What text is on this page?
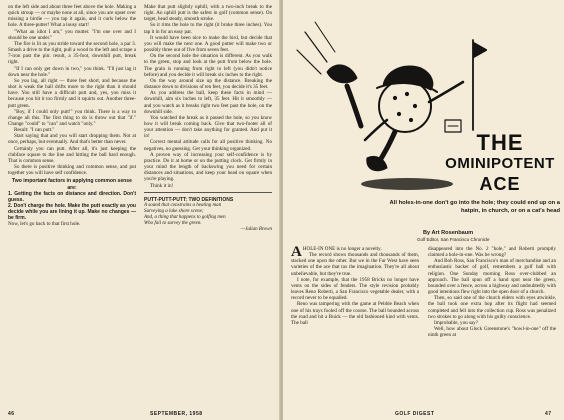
on the left side and about three feet above the hole. Making a quick stroup — or maybe none at all, since you are upset over missing a birdie — you tap it again, and it curls below the hole. A three-putter! What a lousy start!

"What an idiot I am," you mutter. "I'm one over and I should be one under."

The fire is lit as you stride toward the second hole, a par 3. Smash a drive to the right, pull a wood to the left and scrape a 7-iron past the pin: result, a 35-foot, downhill putt, break right.

"If I can only get down in two," you think. "I'll just lag it down near the hole."

So you lag, all right — three feet short, and because the shot is weak the ball drifts more to the right than it should have. You still have a difficult putt and, yes, you miss it because you hit it too firmly and it squirts out. Another three-putt green.

"Boy, if I could only putt!" you think. There is a way to change all this. The first thing to do is throw out that "if." Change "could" to "can" and watch "only."

Result: "I can putt."

Start saying that and you will start dropping them. Not at once, perhaps, but eventually. And that's better than never.

Certainly you can putt. After all, it's just keeping the clubface square to the line and hitting the ball hard enough. That is common sense.

So there is positive thinking and common sense, and put together you will have self confidence.

Two important factors in applying common sense are:

1. Getting the facts on distance and direction. Don't guess.

2. Don't charge the hole. Make the putt exactly as you decide while you are lining it up. Make no changes — be firm.

Now, let's go back to that first hole.

Make that putt slightly uphill, with a two-inch break to the right. An uphill putt is the safest in golf (common sense). On target, head steady, smooth stroke.

So it rims the hole to the right (it broke three inches). You tap it in for an easy par.

It would have been nice to make the bird, but decide that you will make the next one. A good putter will make two or possibly three out of five from seven feet.

On the second hole the situation is different. As you walk to the green, stop and look at the putt from below the hole. The grain is running from right to left (you didn't notice before) and you decide it will break six inches to the right.

On the way around size up the distance. Breaking the distance down to divisions of ten feet, you decide it's 35 feet.

As you address the ball, keep these facts in mind — downhill, aim six inches to left, 35 feet. Hit it smoothly — and you watch as it breaks right two feet past the hole, on the downhill side.

You watched the break as it passed the hole, so you know how it will break coming back. Give that two-footer all of your attention — don't take anything for granted. And put it in!

Correct mental attitude calls for all positive thinking. No negatives, no guessing. Get your thinking organized.

A proven way of increasing your self-confidence is by practice. Do it at home or on the putting clock. Get firmly in your mind the length of backswing you need for certain distances and situations, and keep your head on square when you're playing.

Think it in!

PUTT-PUTT-PUTT: TWO DEFINITIONS
A sound that constrains a heating man
Surveying a lake shore scene;
And, a thing that happens to golfing men
Who fail to survey the green.
—Julian Brown
46	SEPTEMBER, 1958
THE
OMINIPOTENT
ACE
All holes-in-one don't go into the hole; they could end up on a hatpin, in church, or on a cat's head
By Art Rosenbaum
Golf Editor, San Francisco Chronicle

AHOLE-IN ONE is no longer a novelty.

The record shows thousands and thousands of them, stacked one upon the other. But we in the Far West have seen varieties of the ace that tax the imagination. They're all about unbelievable, but they're true.

I note, for example, that the 1958 Bricks no longer have vents on the sides of fenders. The style revision probably leaves Reno Roberti, a San Francisco vegetable dealer, with a record never to be equalled.

Reno was tampering with the game at Pebble Beach when one of his trays fooled off the course. The ball bounded across the road and hit a Buick — the old fashioned kind with vents. The ball

disappeared into the No. 2 "hole," and Roberti promptly claimed a hole-in-one. Was he wrong?

And Bob Ross, San Francisco's man of merchandise and an enthusiastic backer of golf, remembers a golf ball with religion. One Sunday morning Ross over-clubbed an approach. The ball spun off a hand spot near the green, bounded over a fence, across a highway and undoubtedly with good intentions flew right into the open door of a church.

Then, so said one of the church elders with eyes atwinkle, the ball took one extra hop after its flight had seemed completed and fell into the collection cup. Ross was penalized two strokes to go along with his guilty conscience.

Improbable, you say?

Well, how about Glock Greenstone's "bowl-in-one" off the ninth green at

GOLF DIGEST	47
